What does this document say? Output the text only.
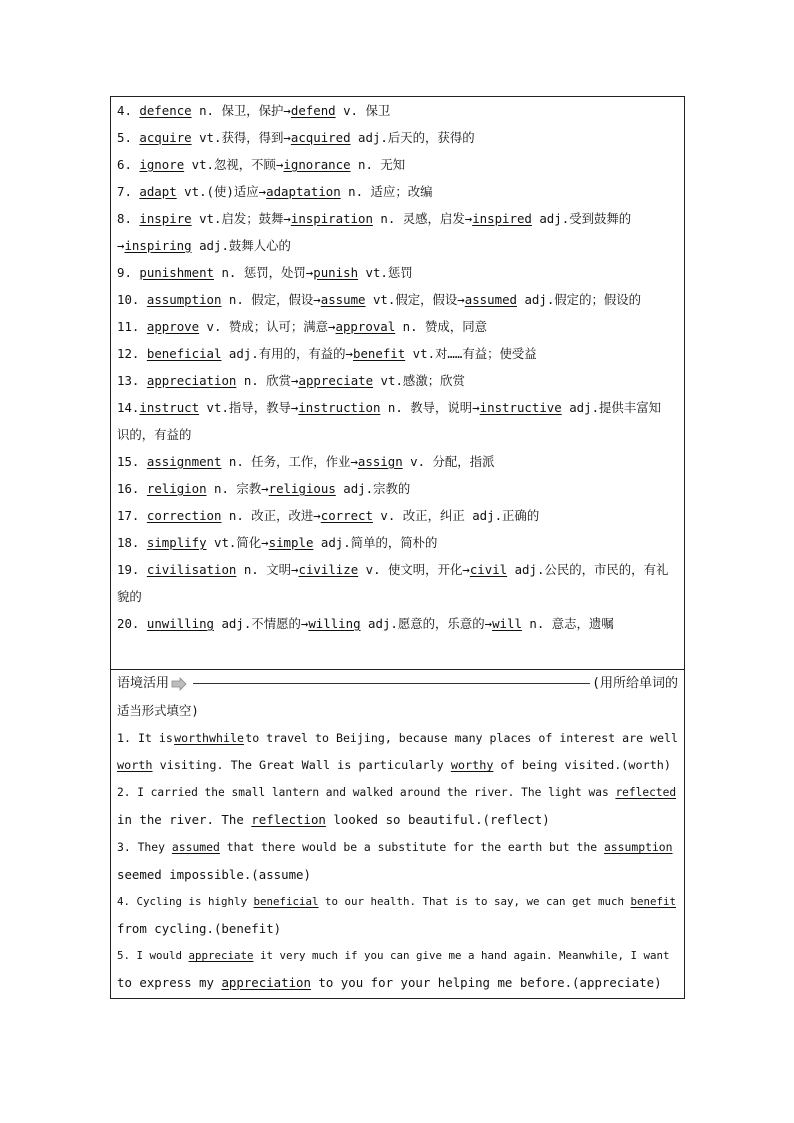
4. defence n. 保卫，保护→defend v. 保卫
5. acquire vt.获得，得到→acquired adj.后天的，获得的
6. ignore vt.忽视，不顾→ignorance n. 无知
7. adapt vt.(使)适应→adaptation n. 适应；改编
8. inspire vt.启发；鼓舞→inspiration n. 灵感，启发→inspired adj.受到鼓舞的
→inspiring adj.鼓舞人心的
9. punishment n. 惩罚，处罚→punish vt.惩罚
10. assumption n. 假定，假设→assume vt.假定，假设→assumed adj.假定的；假设的
11. approve v. 赞成；认可；满意→approval n. 赞成，同意
12. beneficial adj.有用的，有益的→benefit vt.对……有益；使受益
13. appreciation n. 欣赏→appreciate vt.感激；欣赏
14.instruct vt.指导，教导→instruction n. 教导，说明→instructive adj.提供丰富知
识的，有益的
15. assignment n. 任务，工作，作业→assign v. 分配，指派
16. religion n. 宗教→religious adj.宗教的
17. correction n. 改正，改进→correct v. 改正，纠正 adj.正确的
18. simplify vt.简化→simple adj.简单的，简朴的
19. civilisation n. 文明→civilize v. 使文明，开化→civil adj.公民的，市民的，有礼
貌的
20. unwilling adj.不情愿的→willing adj.愿意的，乐意的→will n. 意志，遗嘱
语境活用	(用所给单词的
适当形式填空)
1. It is worthwhile to travel to Beijing, because many places of interest are well
worth visiting. The Great Wall is particularly worthy of being visited.(worth)
2. I carried the small lantern and walked around the river. The light was reflected
in the river. The reflection looked so beautiful.(reflect)
3. They assumed that there would be a substitute for the earth but the assumption
seemed impossible.(assume)
4. Cycling is highly beneficial to our health. That is to say, we can get much benefit
from cycling.(benefit)
5. I would appreciate it very much if you can give me a hand again. Meanwhile, I want
to express my appreciation to you for your helping me before.(appreciate)
